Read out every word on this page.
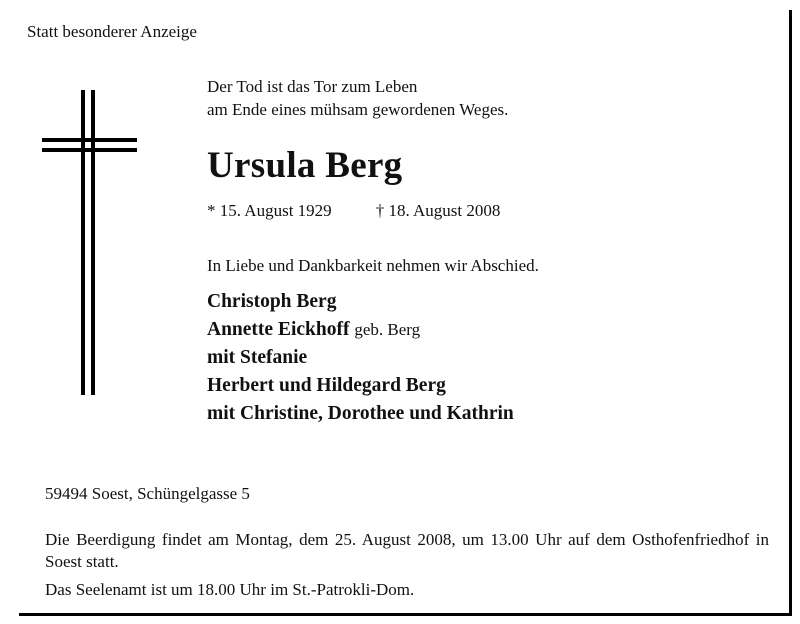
Statt besonderer Anzeige
Der Tod ist das Tor zum Leben
am Ende eines mühsam gewordenen Weges.
Ursula Berg
* 15. August 1929	† 18. August 2008
In Liebe und Dankbarkeit nehmen wir Abschied.
Christoph Berg
Annette Eickhoff geb. Berg
mit Stefanie
Herbert und Hildegard Berg
mit Christine, Dorothee und Kathrin
59494 Soest, Schüngelgasse 5
Die Beerdigung findet am Montag, dem 25. August 2008, um 13.00 Uhr auf dem Osthofenfriedhof in Soest statt.
Das Seelenamt ist um 18.00 Uhr im St.-Patrokli-Dom.
